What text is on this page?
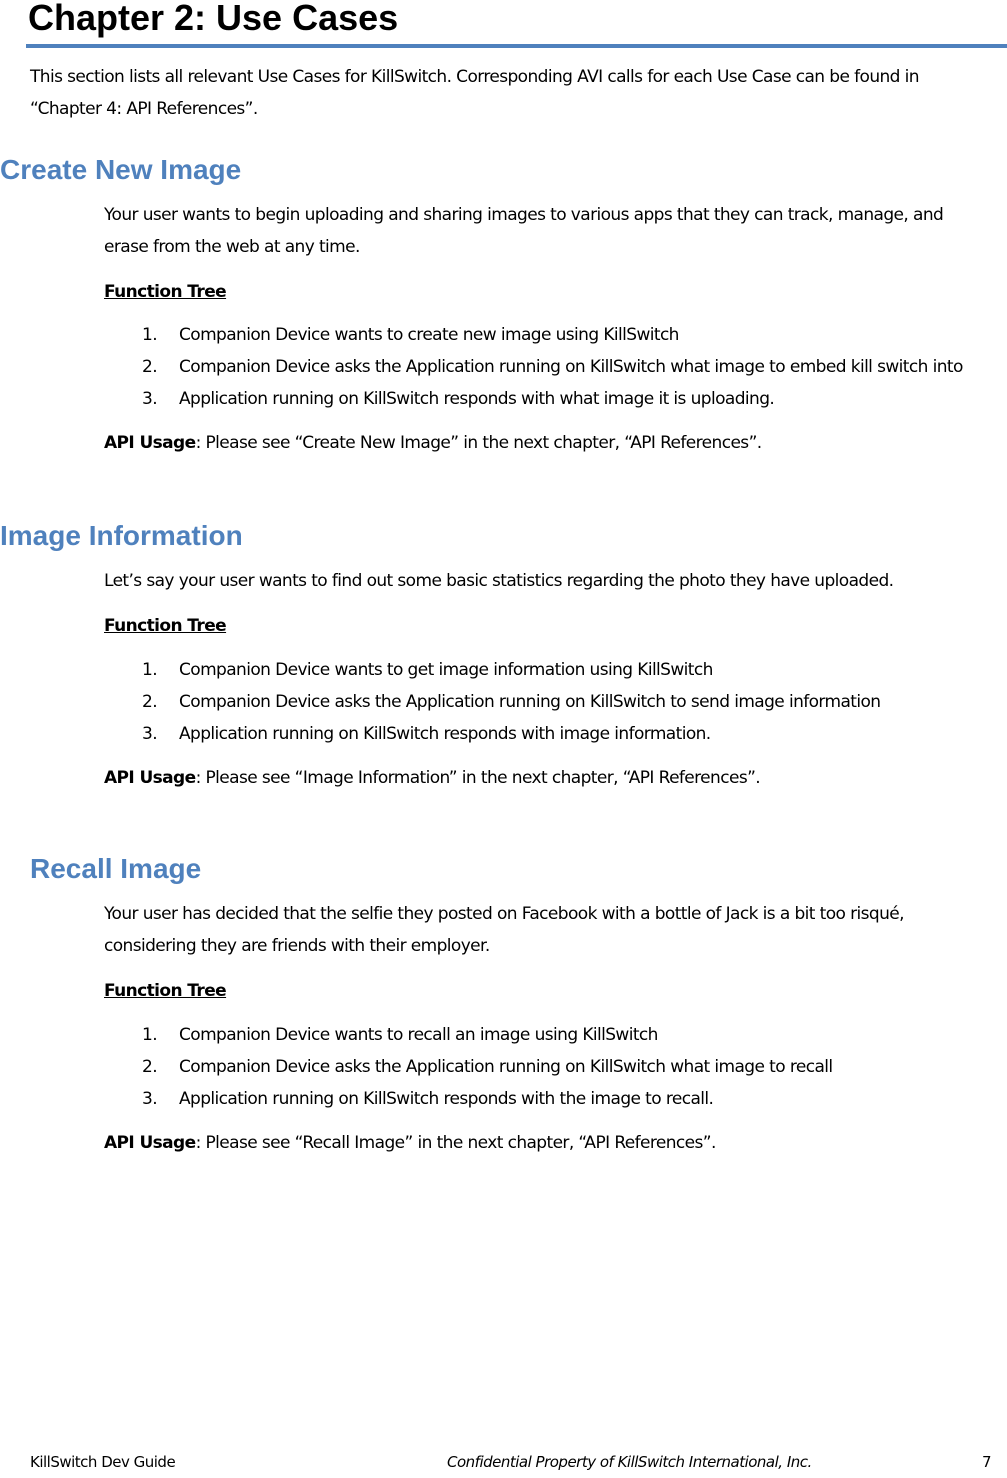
Chapter 2: Use Cases

This section lists all relevant Use Cases for KillSwitch. Corresponding AVI calls for each Use Case can be found in “Chapter 4: API References”.

Create New Image

Your user wants to begin uploading and sharing images to various apps that they can track, manage, and erase from the web at any time.

Function Tree

1. Companion Device wants to create new image using KillSwitch
2. Companion Device asks the Application running on KillSwitch what image to embed kill switch into
3. Application running on KillSwitch responds with what image it is uploading.

API Usage: Please see “Create New Image” in the next chapter, “API References”.

Image Information

Let’s say your user wants to find out some basic statistics regarding the photo they have uploaded.

Function Tree

1. Companion Device wants to get image information using KillSwitch
2. Companion Device asks the Application running on KillSwitch to send image information
3. Application running on KillSwitch responds with image information.

API Usage: Please see “Image Information” in the next chapter, “API References”.

Recall Image

Your user has decided that the selfie they posted on Facebook with a bottle of Jack is a bit too risqué, considering they are friends with their employer.

Function Tree

1. Companion Device wants to recall an image using KillSwitch
2. Companion Device asks the Application running on KillSwitch what image to recall
3. Application running on KillSwitch responds with the image to recall.

API Usage: Please see “Recall Image” in the next chapter, “API References”.

KillSwitch Dev Guide	Confidential Property of KillSwitch International, Inc.	7
